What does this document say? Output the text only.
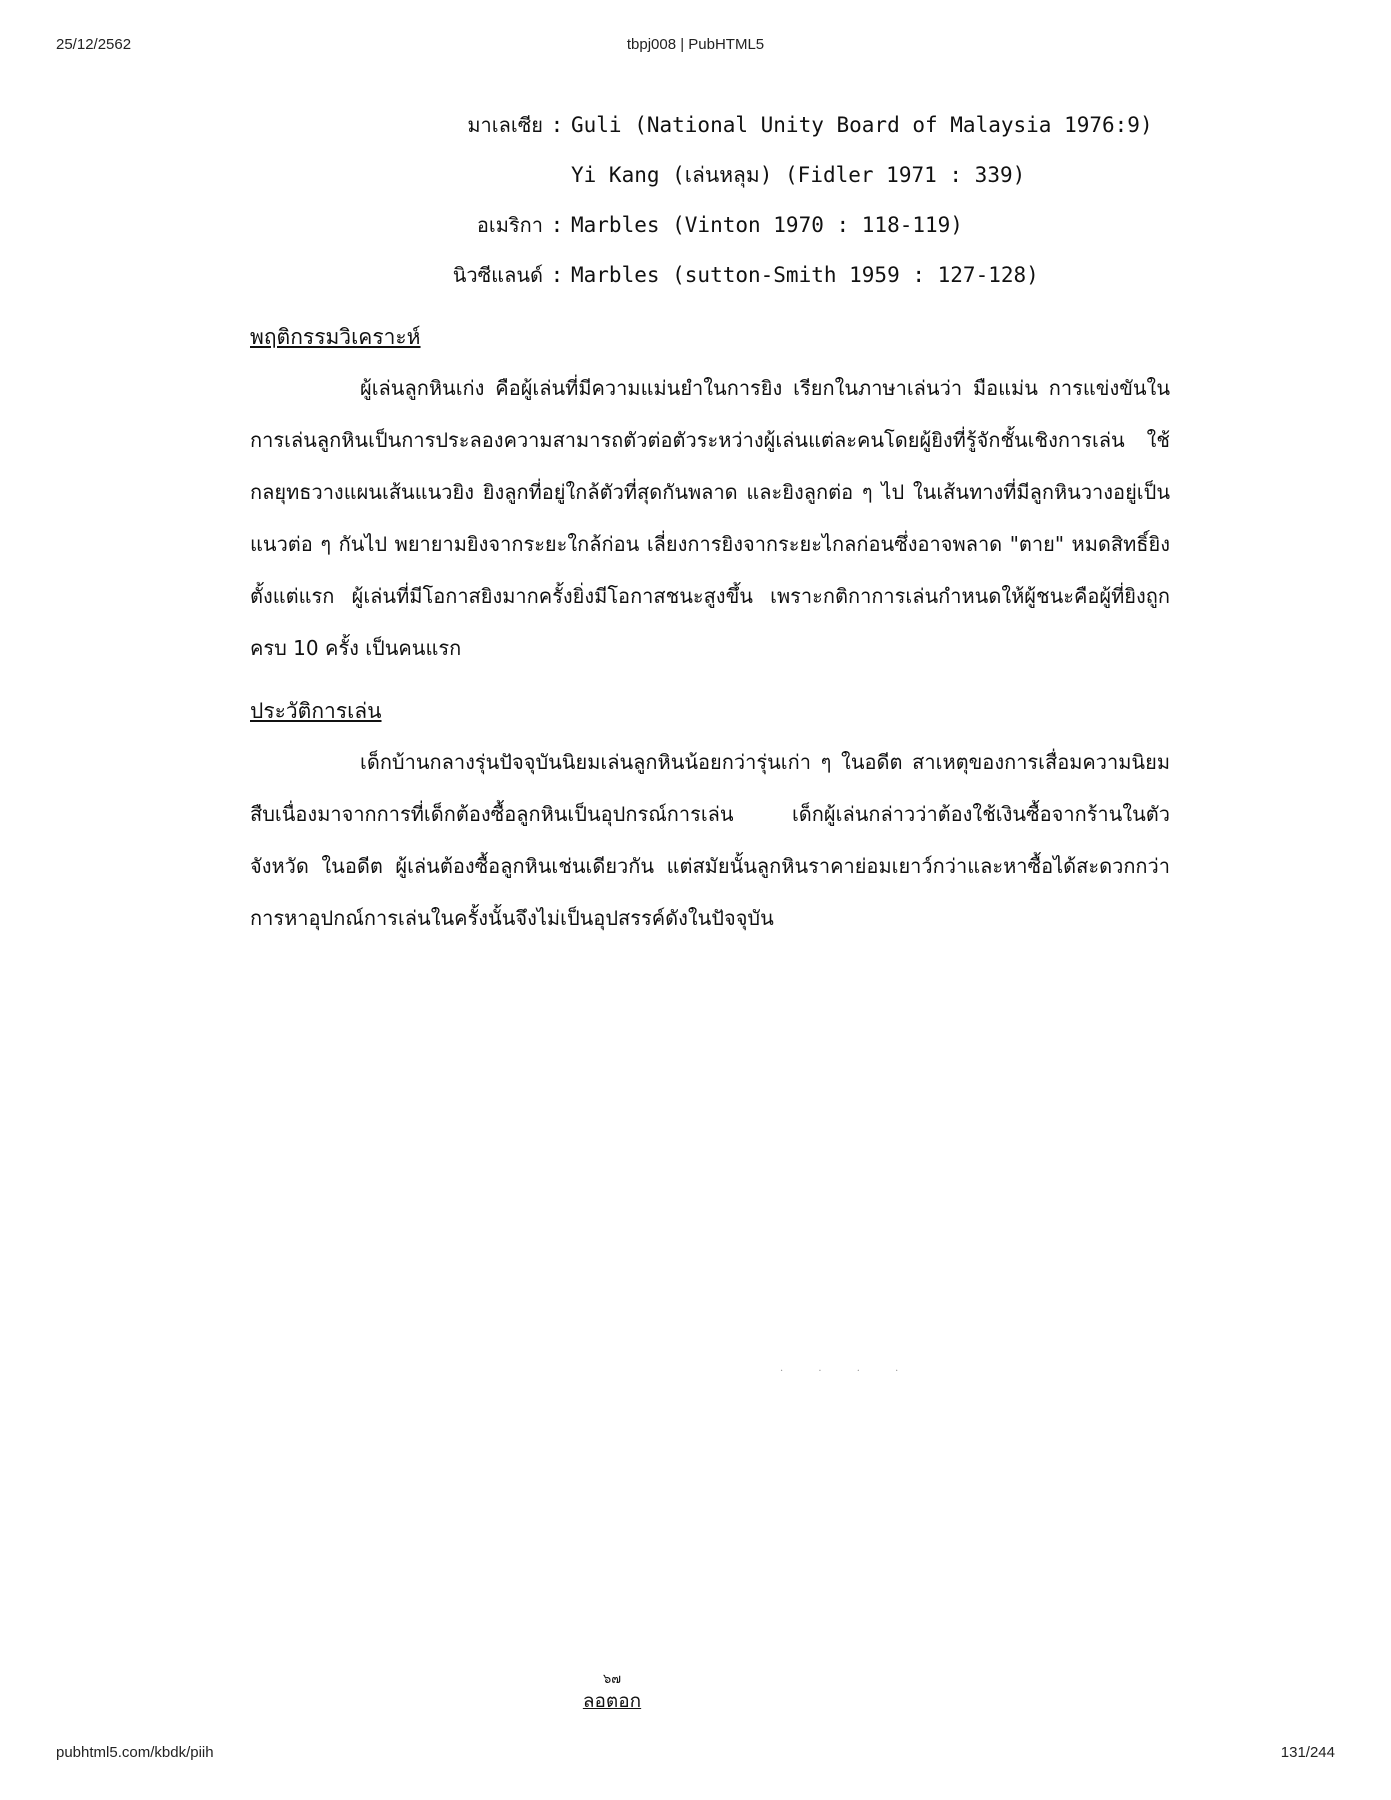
25/12/2562	tbpj008 | PubHTML5
มาเลเซีย : Guli (National Unity Board of Malaysia 1976:9)
Yi Kang (เล่นหลุม) (Fidler 1971 : 339)
อเมริกา : Marbles (Vinton 1970 : 118-119)
นิวซีแลนด์ : Marbles (sutton-Smith 1959 : 127-128)
พฤติกรรมวิเคราะห์

ผู้เล่นลูกหินเก่ง คือผู้เล่นที่มีความแม่นยำในการยิง เรียกในภาษาเล่นว่า มือแม่น การแข่งขันในการเล่นลูกหินเป็นการประลองความสามารถตัวต่อตัวระหว่างผู้เล่นแต่ละคนโดยผู้ยิงที่รู้จักชั้นเชิงการเล่น ใช้กลยุทธวางแผนเส้นแนวยิง ยิงลูกที่อยู่ใกล้ตัวที่สุดกันพลาด และยิงลูกต่อ ๆ ไป ในเส้นทางที่มีลูกหินวางอยู่เป็นแนวต่อ ๆ กันไป พยายามยิงจากระยะใกล้ก่อน เลี่ยงการยิงจากระยะไกลก่อนซึ่งอาจพลาด "ตาย" หมดสิทธิ์ยิงตั้งแต่แรก ผู้เล่นที่มีโอกาสยิงมากครั้งยิ่งมีโอกาสชนะสูงขึ้น เพราะกติกาการเล่นกำหนดให้ผู้ชนะคือผู้ที่ยิงถูกครบ 10 ครั้ง เป็นคนแรก

ประวัติการเล่น

เด็กบ้านกลางรุ่นปัจจุบันนิยมเล่นลูกหินน้อยกว่ารุ่นเก่า ๆ ในอดีต สาเหตุของการเสื่อมความนิยมสืบเนื่องมาจากการที่เด็กต้องซื้อลูกหินเป็นอุปกรณ์การเล่น เด็กผู้เล่นกล่าวว่าต้องใช้เงินซื้อจากร้านในตัวจังหวัด ในอดีต ผู้เล่นต้องซื้อลูกหินเช่นเดียวกัน แต่สมัยนั้นลูกหินราคาย่อมเยาว์กว่าและหาซื้อได้สะดวกกว่า การหาอุปกณ์การเล่นในครั้งนั้นจึงไม่เป็นอุปสรรค์ดังในปัจจุบัน

· · · ·
๖๗
ลอตอก
pubhtml5.com/kbdk/piih	131/244
